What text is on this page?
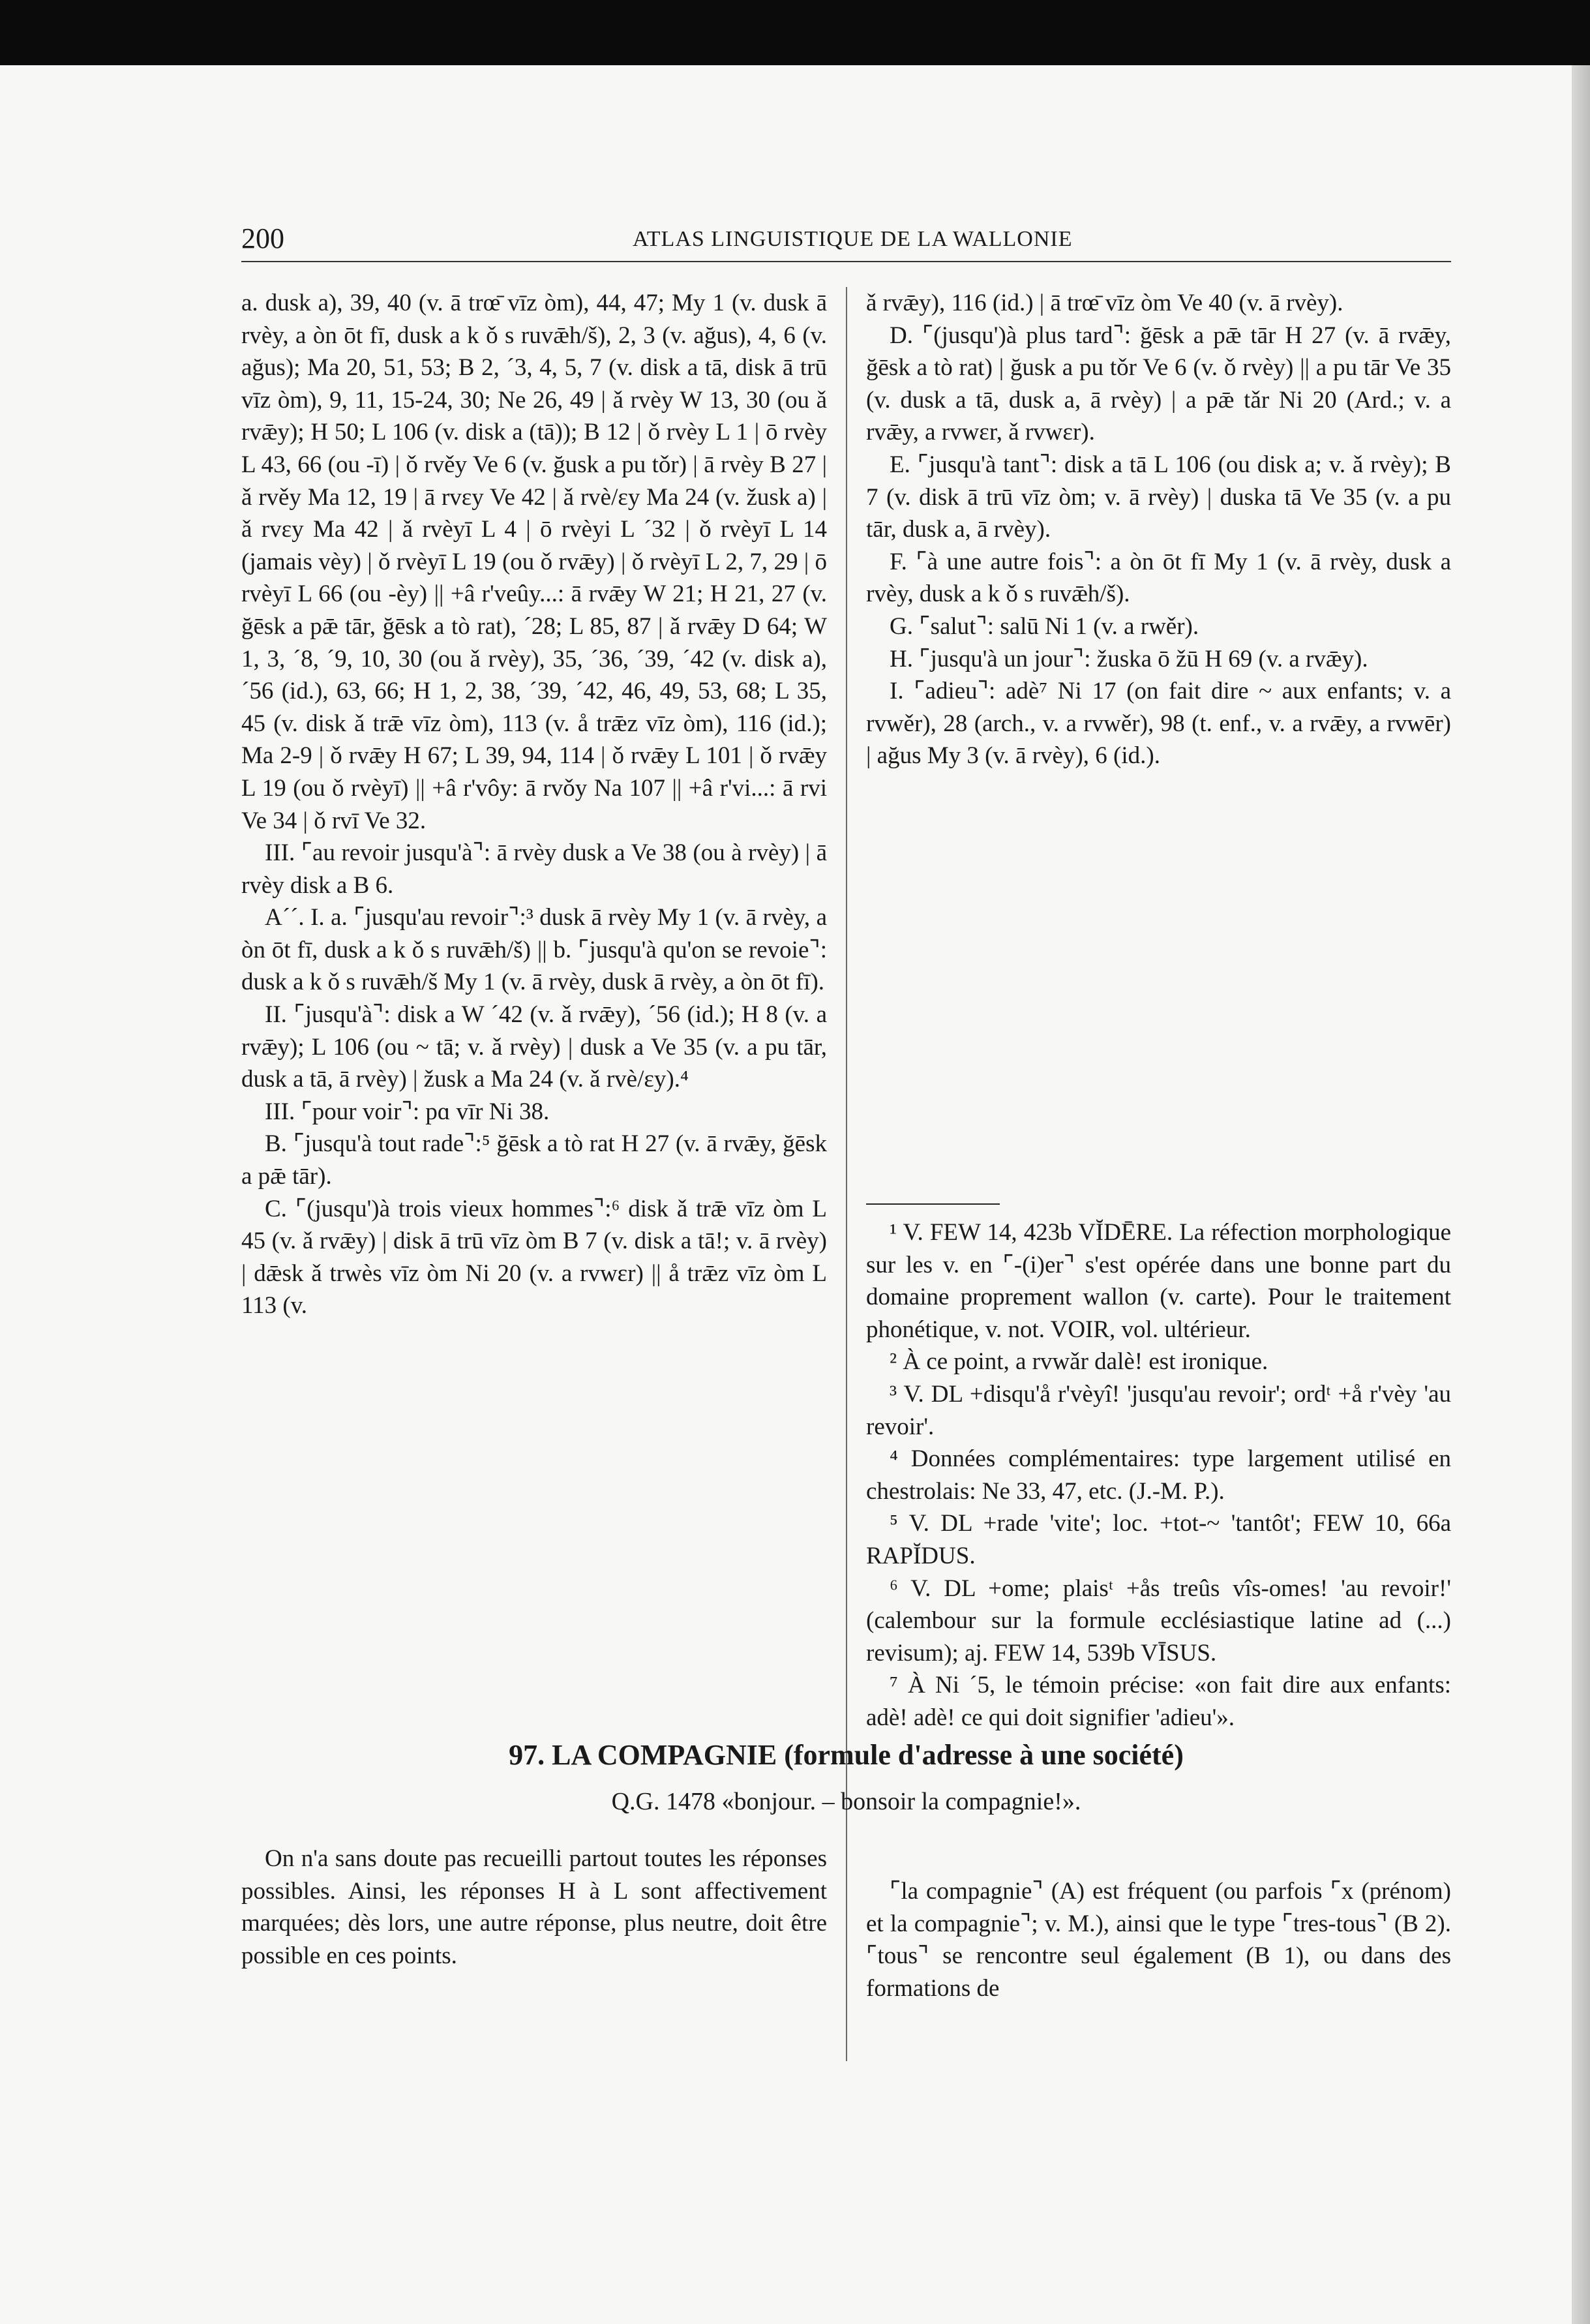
200	ATLAS LINGUISTIQUE DE LA WALLONIE

a. dusk a), 39, 40 (v. ā trœ̄ vīz òm), 44, 47; My 1 (v. dusk ā rvèy, a òn ōt fī, dusk a k ǒ s ruvǣh/š), 2, 3 (v. ağus), 4, 6 (v. ağus); Ma 20, 51, 53; B 2, ´3, 4, 5, 7 (v. disk a tā, disk ā trū vīz òm), 9, 11, 15-24, 30; Ne 26, 49 | ǎ rvèy W 13, 30 (ou ǎ rvǣy); H 50; L 106 (v. disk a (tā)); B 12 | ǒ rvèy L 1 | ō rvèy L 43, 66 (ou -ī) | ǒ rvěy Ve 6 (v. ğusk a pu tǒr) | ā rvèy B 27 | ǎ rvěy Ma 12, 19 | ā rvɛy Ve 42 | ǎ rvè/ɛy Ma 24 (v. žusk a) | ǎ rvɛy Ma 42 | ǎ rvèyī L 4 | ō rvèyi L ´32 | ǒ rvèyī L 14 (jamais vèy) | ǒ rvèyī L 19 (ou ǒ rvǣy) | ǒ rvèyī L 2, 7, 29 | ō rvèyī L 66 (ou -èy) || +â r'veûy...: ā rvǣy W 21; H 21, 27 (v. ğēsk a pǣ tār, ğēsk a tò rat), ´28; L 85, 87 | ǎ rvǣy D 64; W 1, 3, ´8, ´9, 10, 30 (ou ǎ rvèy), 35, ´36, ´39, ´42 (v. disk a), ´56 (id.), 63, 66; H 1, 2, 38, ´39, ´42, 46, 49, 53, 68; L 35, 45 (v. disk ǎ trǣ vīz òm), 113 (v. å trǣz vīz òm), 116 (id.); Ma 2-9 | ǒ rvǣy H 67; L 39, 94, 114 | ǒ rvǣy L 101 | ǒ rvǣy L 19 (ou ǒ rvèyī) || +â r'vôy: ā rvǒy Na 107 || +â r'vi...: ā rvi Ve 34 | ǒ rvī Ve 32.

III. ⌜au revoir jusqu'à⌝: ā rvèy dusk a Ve 38 (ou à rvèy) | ā rvèy disk a B 6.

A´´. I. a. ⌜jusqu'au revoir⌝:³ dusk ā rvèy My 1 (v. ā rvèy, a òn ōt fī, dusk a k ǒ s ruvǣh/š) || b. ⌜jusqu'à qu'on se revoie⌝: dusk a k ǒ s ruvǣh/š My 1 (v. ā rvèy, dusk ā rvèy, a òn ōt fī).

II. ⌜jusqu'à⌝: disk a W ´42 (v. ǎ rvǣy), ´56 (id.); H 8 (v. a rvǣy); L 106 (ou ~ tā; v. ǎ rvèy) | dusk a Ve 35 (v. a pu tār, dusk a tā, ā rvèy) | žusk a Ma 24 (v. ǎ rvè/ɛy).⁴

III. ⌜pour voir⌝: pɑ vīr Ni 38.

B. ⌜jusqu'à tout rade⌝:⁵ ğēsk a tò rat H 27 (v. ā rvǣy, ğēsk a pǣ tār).

C. ⌜(jusqu')à trois vieux hommes⌝:⁶ disk ǎ trǣ vīz òm L 45 (v. ǎ rvǣy) | disk ā trū vīz òm B 7 (v. disk a tā!; v. ā rvèy) | dǣsk ǎ trwès vīz òm Ni 20 (v. a rvwɛr) || å trǣz vīz òm L 113 (v.

ǎ rvǣy), 116 (id.) | ā trœ̄ vīz òm Ve 40 (v. ā rvèy).

D. ⌜(jusqu')à plus tard⌝: ğēsk a pǣ tār H 27 (v. ā rvǣy, ğēsk a tò rat) | ğusk a pu tǒr Ve 6 (v. ǒ rvèy) || a pu tār Ve 35 (v. dusk a tā, dusk a, ā rvèy) | a pǣ tǎr Ni 20 (Ard.; v. a rvǣy, a rvwɛr, ǎ rvwɛr).

E. ⌜jusqu'à tant⌝: disk a tā L 106 (ou disk a; v. ǎ rvèy); B 7 (v. disk ā trū vīz òm; v. ā rvèy) | duska tā Ve 35 (v. a pu tār, dusk a, ā rvèy).

F. ⌜à une autre fois⌝: a òn ōt fī My 1 (v. ā rvèy, dusk a rvèy, dusk a k ǒ s ruvǣh/š).

G. ⌜salut⌝: salū Ni 1 (v. a rwěr).

H. ⌜jusqu'à un jour⌝: žuska ō žū H 69 (v. a rvǣy).

I. ⌜adieu⌝: adè⁷ Ni 17 (on fait dire ~ aux enfants; v. a rvwěr), 28 (arch., v. a rvwěr), 98 (t. enf., v. a rvǣy, a rvwēr) | ağus My 3 (v. ā rvèy), 6 (id.).

¹ V. FEW 14, 423b VĬDĒRE. La réfection morphologique sur les v. en ⌜-(i)er⌝ s'est opérée dans une bonne part du domaine proprement wallon (v. carte). Pour le traitement phonétique, v. not. VOIR, vol. ultérieur.

² À ce point, a rvwǎr dalè! est ironique.

³ V. DL +disqu'å r'vèyî! 'jusqu'au revoir'; ordᵗ +å r'vèy 'au revoir'.

⁴ Données complémentaires: type largement utilisé en chestrolais: Ne 33, 47, etc. (J.-M. P.).

⁵ V. DL +rade 'vite'; loc. +tot-~ 'tantôt'; FEW 10, 66a RAPĬDUS.

⁶ V. DL +ome; plaisᵗ +ås treûs vîs-omes! 'au revoir!' (calembour sur la formule ecclésiastique latine ad (...) revisum); aj. FEW 14, 539b VĪSUS.

⁷ À Ni ´5, le témoin précise: «on fait dire aux enfants: adè! adè! ce qui doit signifier 'adieu'».

97. LA COMPAGNIE (formule d'adresse à une société)
Q.G. 1478 «bonjour. – bonsoir la compagnie!».

On n'a sans doute pas recueilli partout toutes les réponses possibles. Ainsi, les réponses H à L sont affectivement marquées; dès lors, une autre réponse, plus neutre, doit être possible en ces points.

⌜la compagnie⌝ (A) est fréquent (ou parfois ⌜x (prénom) et la compagnie⌝; v. M.), ainsi que le type ⌜tres-tous⌝ (B 2). ⌜tous⌝ se rencontre seul également (B 1), ou dans des formations de
